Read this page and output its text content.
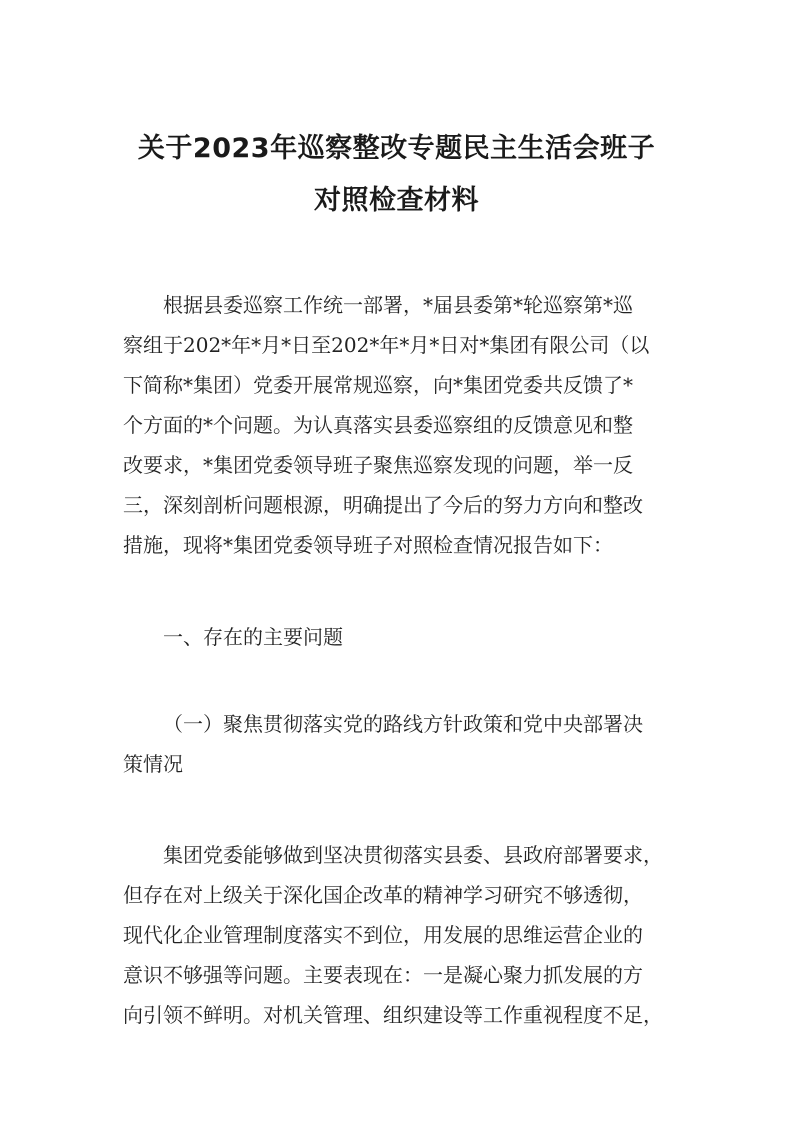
关于2023年巡察整改专题民主生活会班子
对照检查材料
根据县委巡察工作统一部署，*届县委第*轮巡察第*巡
察组于202*年*月*日至202*年*月*日对*集团有限公司（以
下简称*集团）党委开展常规巡察，向*集团党委共反馈了*
个方面的*个问题。为认真落实县委巡察组的反馈意见和整
改要求，*集团党委领导班子聚焦巡察发现的问题，举一反
三，深刻剖析问题根源，明确提出了今后的努力方向和整改
措施，现将*集团党委领导班子对照检查情况报告如下：
一、存在的主要问题
（一）聚焦贯彻落实党的路线方针政策和党中央部署决
策情况
集团党委能够做到坚决贯彻落实县委、县政府部署要求，
但存在对上级关于深化国企改革的精神学习研究不够透彻，
现代化企业管理制度落实不到位，用发展的思维运营企业的
意识不够强等问题。主要表现在：一是凝心聚力抓发展的方
向引领不鲜明。对机关管理、组织建设等工作重视程度不足，
